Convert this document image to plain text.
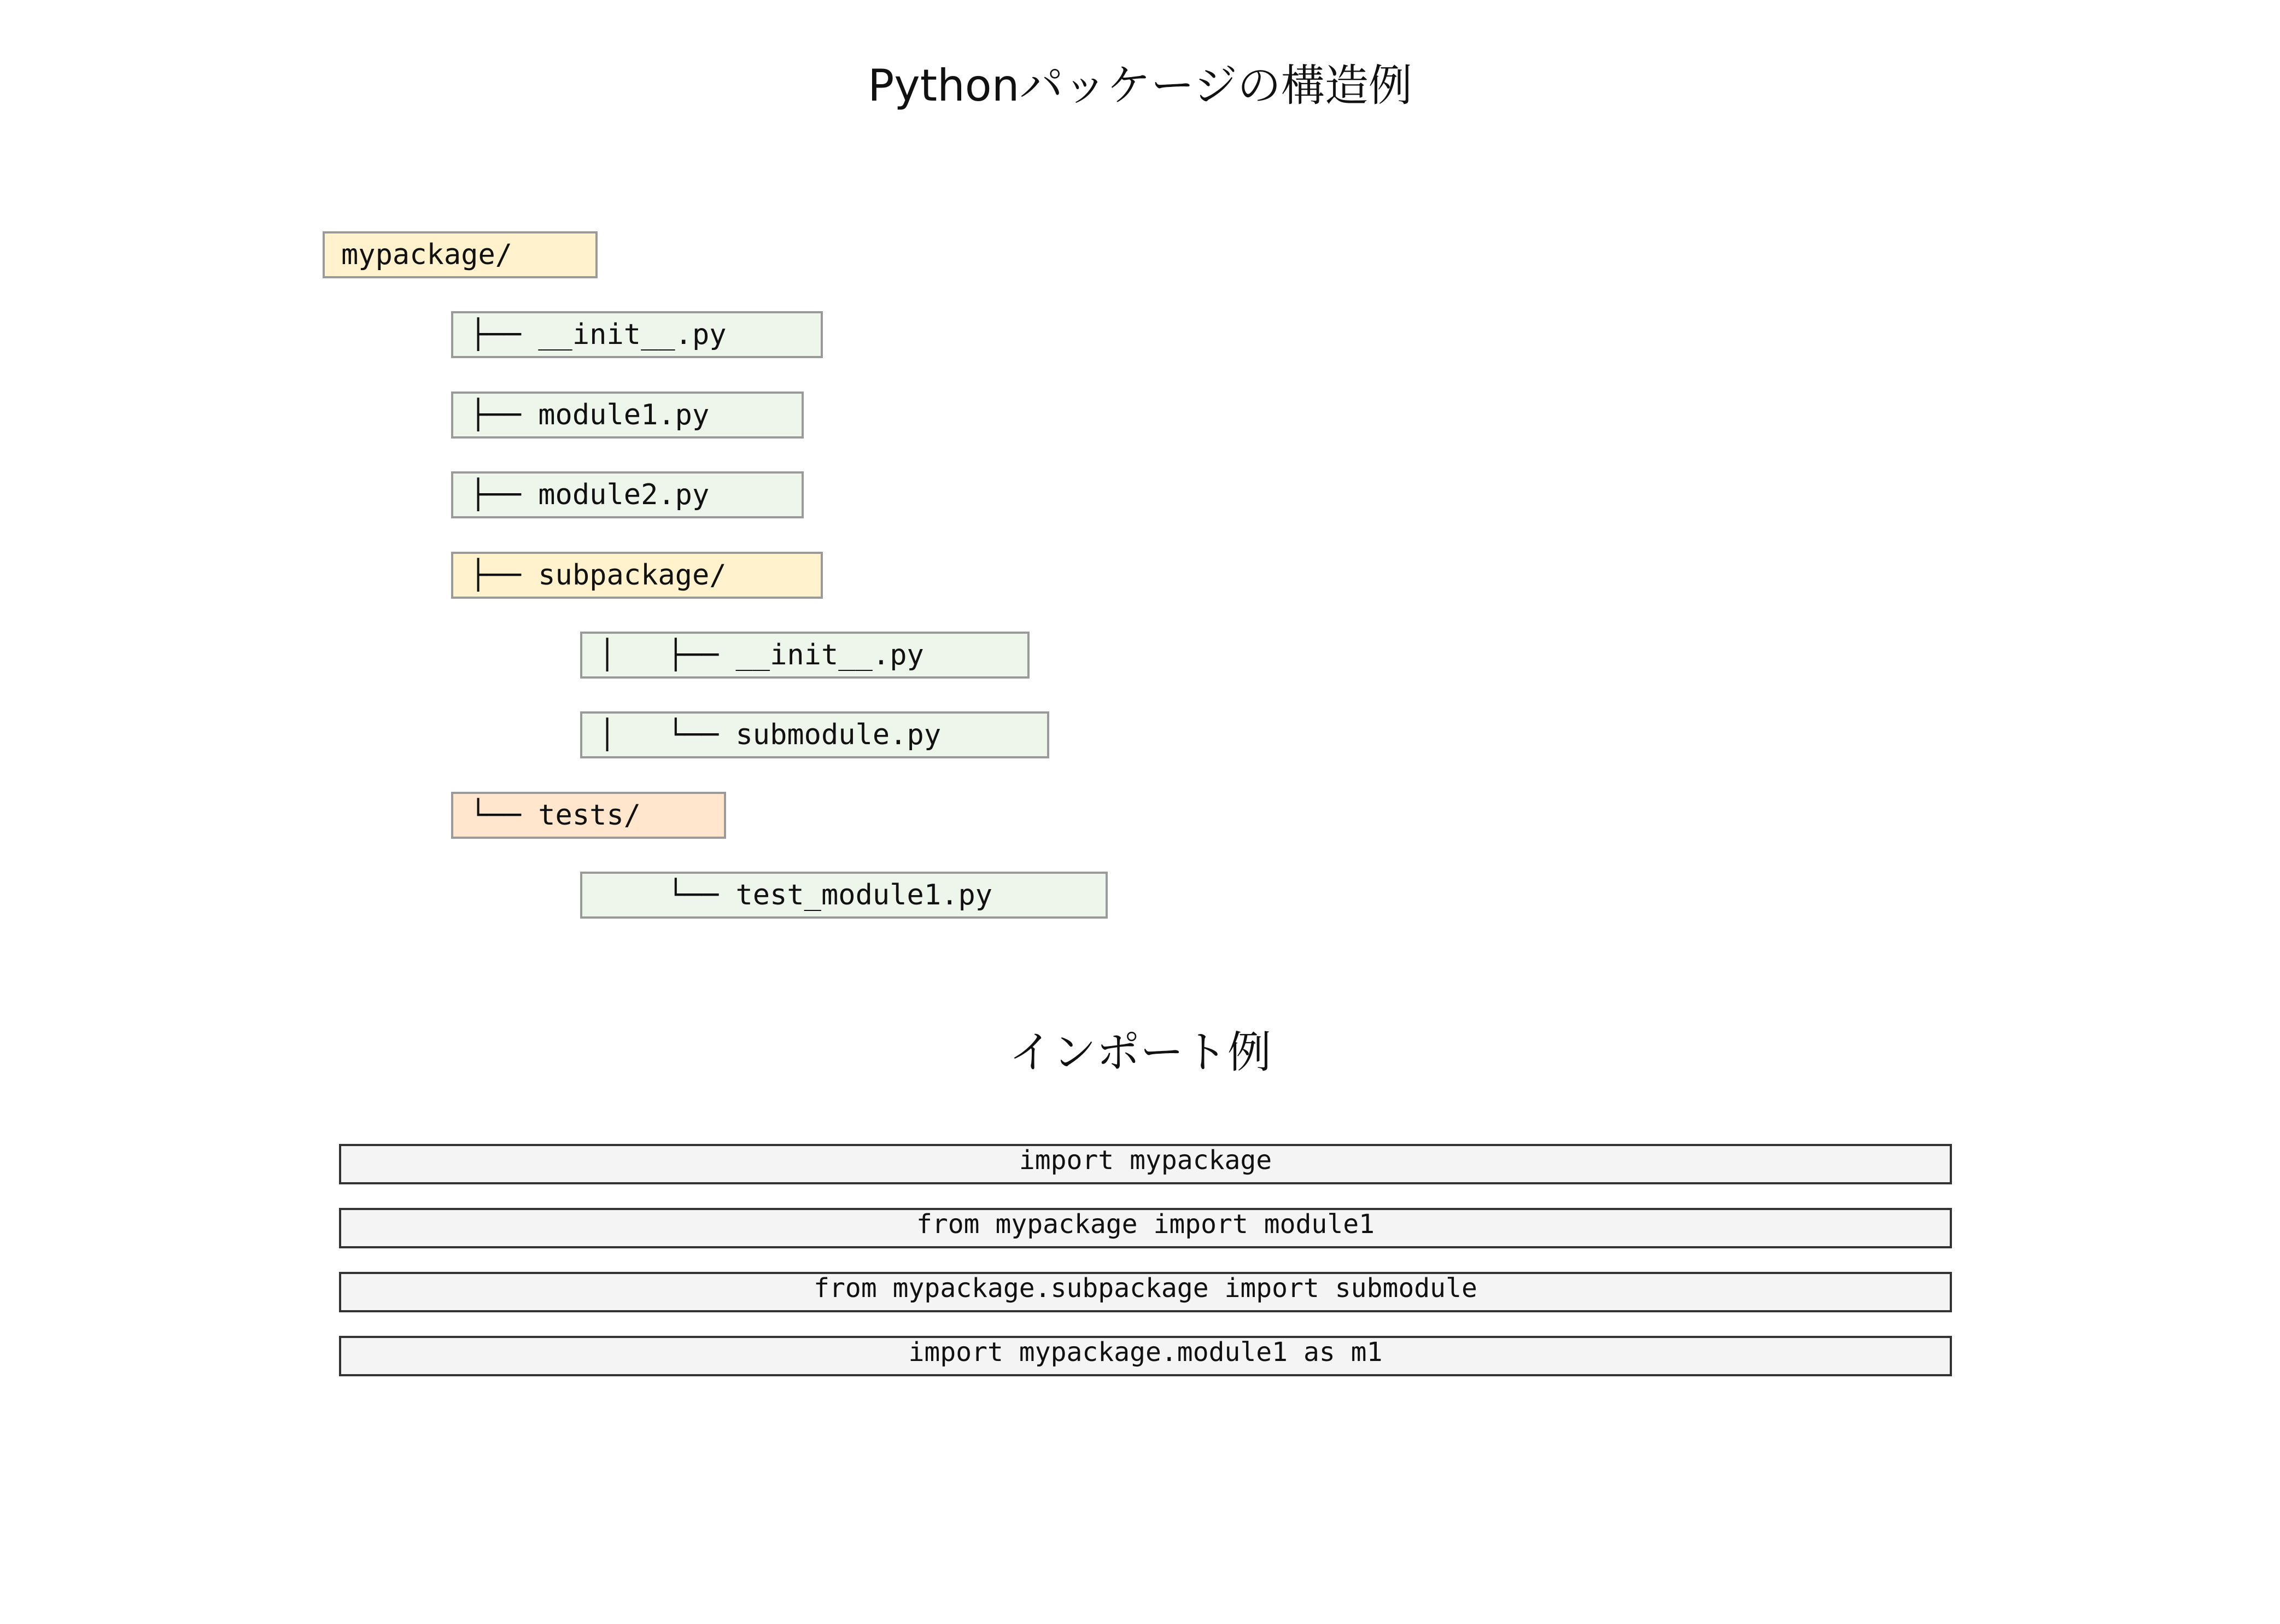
Pythonパッケージの構造例
mypackage/
├── __init__.py
├── module1.py
├── module2.py
├── subpackage/
│   ├── __init__.py
│   └── submodule.py
└── tests/
└── test_module1.py
インポート例
import mypackage
from mypackage import module1
from mypackage.subpackage import submodule
import mypackage.module1 as m1
